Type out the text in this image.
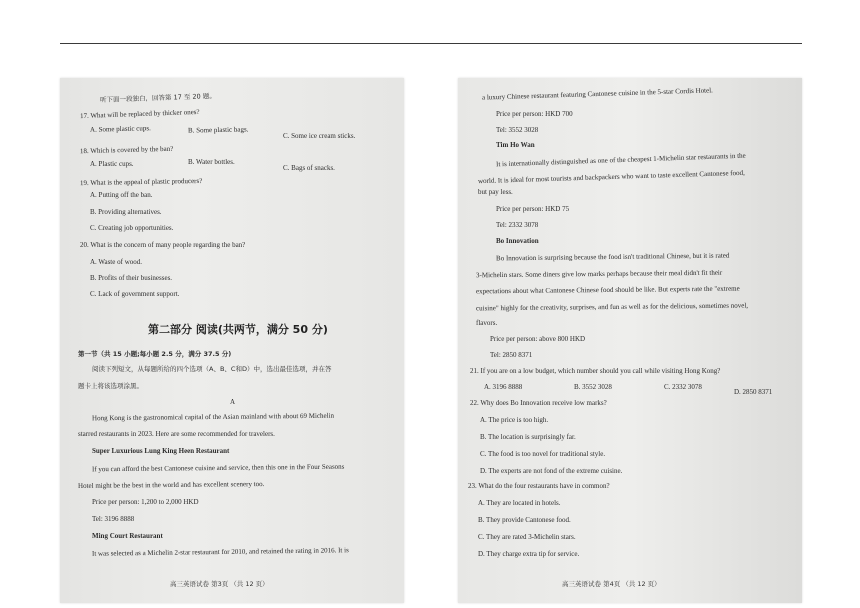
听下面一段独白，回答第 17 至 20 题。
17. What will be replaced by thicker ones?
A. Some plastic cups.	B. Some plastic bags.
C. Some ice cream sticks.
18. Which is covered by the ban?
A. Plastic cups.	B. Water bottles.
C. Bags of snacks.
19. What is the appeal of plastic producers?
A. Putting off the ban.
B. Providing alternatives.
C. Creating job opportunities.
20. What is the concern of many people regarding the ban?
A. Waste of wood.
B. Profits of their businesses.
C. Lack of government support.
第二部分 阅读(共两节，满分 50 分)
第一节（共 15 小题;每小题 2.5 分，满分 37.5 分)
阅读下列短文，从每题所给的四个选项（A、B、C和D）中，选出最佳选项，并在答
题卡上将该选项涂黑。
A
Hong Kong is the gastronomical capital of the Asian mainland with about 69 Michelin
starred restaurants in 2023. Here are some recommended for travelers.
Super Luxurious Lung King Heen Restaurant
If you can afford the best Cantonese cuisine and service, then this one in the Four Seasons
Hotel might be the best in the world and has excellent scenery too.
Price per person: 1,200 to 2,000 HKD
Tel: 3196 8888
Ming Court Restaurant
It was selected as a Michelin 2-star restaurant for 2010, and retained the rating in 2016. It is
高三英语试卷 第3页 （共 12 页）
a luxury Chinese restaurant featuring Cantonese cuisine in the 5-star Cordis Hotel.
Price per person: HKD 700
Tel: 3552 3028
Tim Ho Wan
It is internationally distinguished as one of the cheapest 1-Michelin star restaurants in the
world. It is ideal for most tourists and backpackers who want to taste excellent Cantonese food,
but pay less.
Price per person: HKD 75
Tel: 2332 3078
Bo Innovation
Bo Innovation is surprising because the food isn't traditional Chinese, but it is rated
3-Michelin stars. Some diners give low marks perhaps because their meal didn't fit their
expectations about what Cantonese Chinese food should be like. But experts rate the "extreme
cuisine" highly for the creativity, surprises, and fun as well as for the delicious, sometimes novel,
flavors.
Price per person: above 800 HKD
Tel: 2850 8371
21. If you are on a low budget, which number should you call while visiting Hong Kong?
A. 3196 8888	B. 3552 3028	C. 2332 3078
D. 2850 8371
22. Why does Bo Innovation receive low marks?
A. The price is too high.
B. The location is surprisingly far.
C. The food is too novel for traditional style.
D. The experts are not fond of the extreme cuisine.
23. What do the four restaurants have in common?
A. They are located in hotels.
B. They provide Cantonese food.
C. They are rated 3-Michelin stars.
D. They charge extra tip for service.
高三英语试卷 第4页 （共 12 页）
